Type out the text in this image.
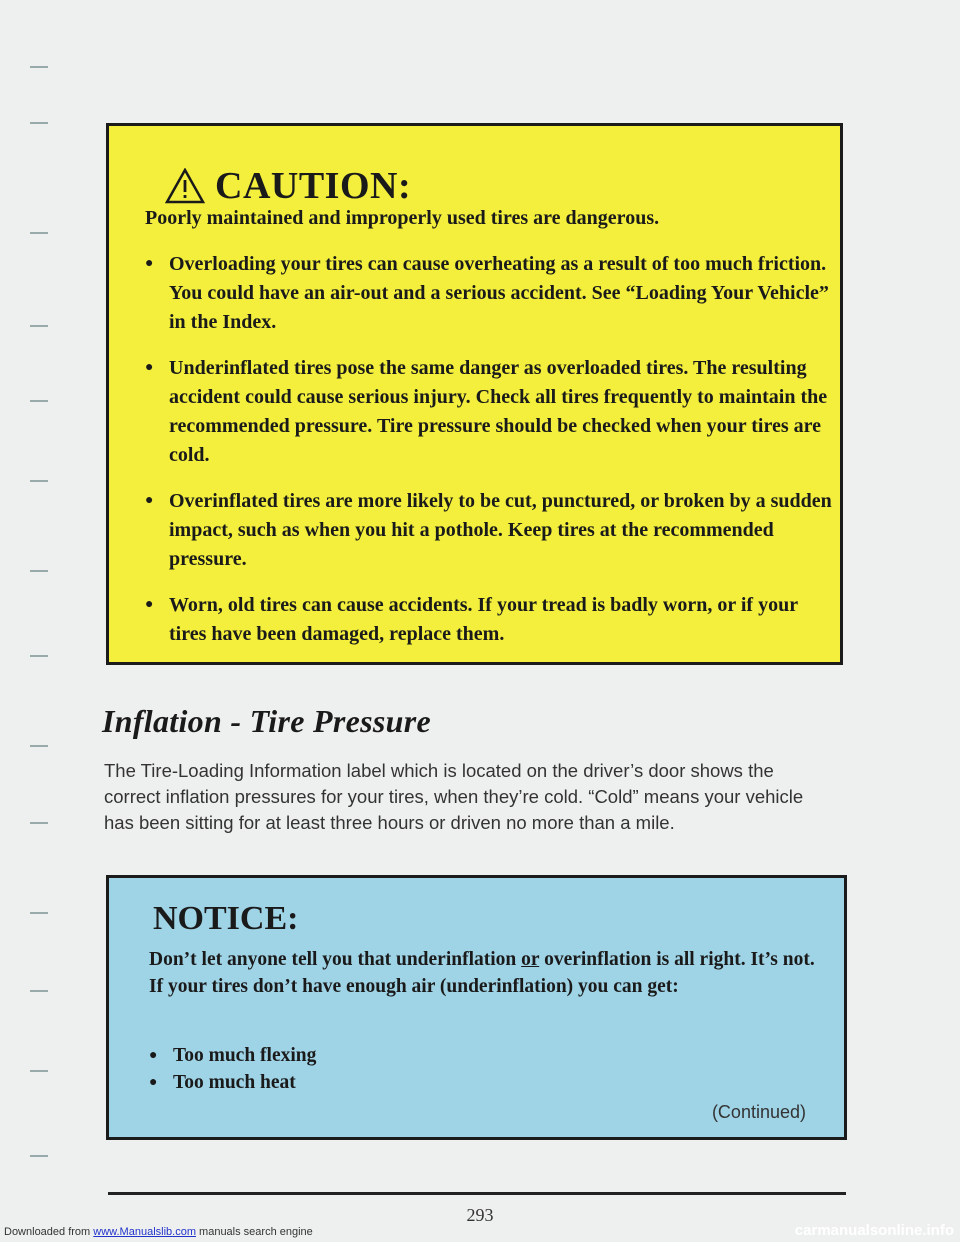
CAUTION:
Poorly maintained and improperly used tires are dangerous.
● Overloading your tires can cause overheating as a result of too much friction. You could have an air-out and a serious accident. See “Loading Your Vehicle” in the Index.
● Underinflated tires pose the same danger as overloaded tires. The resulting accident could cause serious injury. Check all tires frequently to maintain the recommended pressure. Tire pressure should be checked when your tires are cold.
● Overinflated tires are more likely to be cut, punctured, or broken by a sudden impact, such as when you hit a pothole. Keep tires at the recommended pressure.
● Worn, old tires can cause accidents. If your tread is badly worn, or if your tires have been damaged, replace them.
Inflation - Tire Pressure
The Tire-Loading Information label which is located on the driver’s door shows the correct inflation pressures for your tires, when they’re cold. “Cold” means your vehicle has been sitting for at least three hours or driven no more than a mile.
NOTICE:
Don’t let anyone tell you that underinflation or overinflation is all right. It’s not. If your tires don’t have enough air (underinflation) you can get:
● Too much flexing
● Too much heat
(Continued)
293
Downloaded from www.Manualslib.com manuals search engine	carmanualsonline.info
